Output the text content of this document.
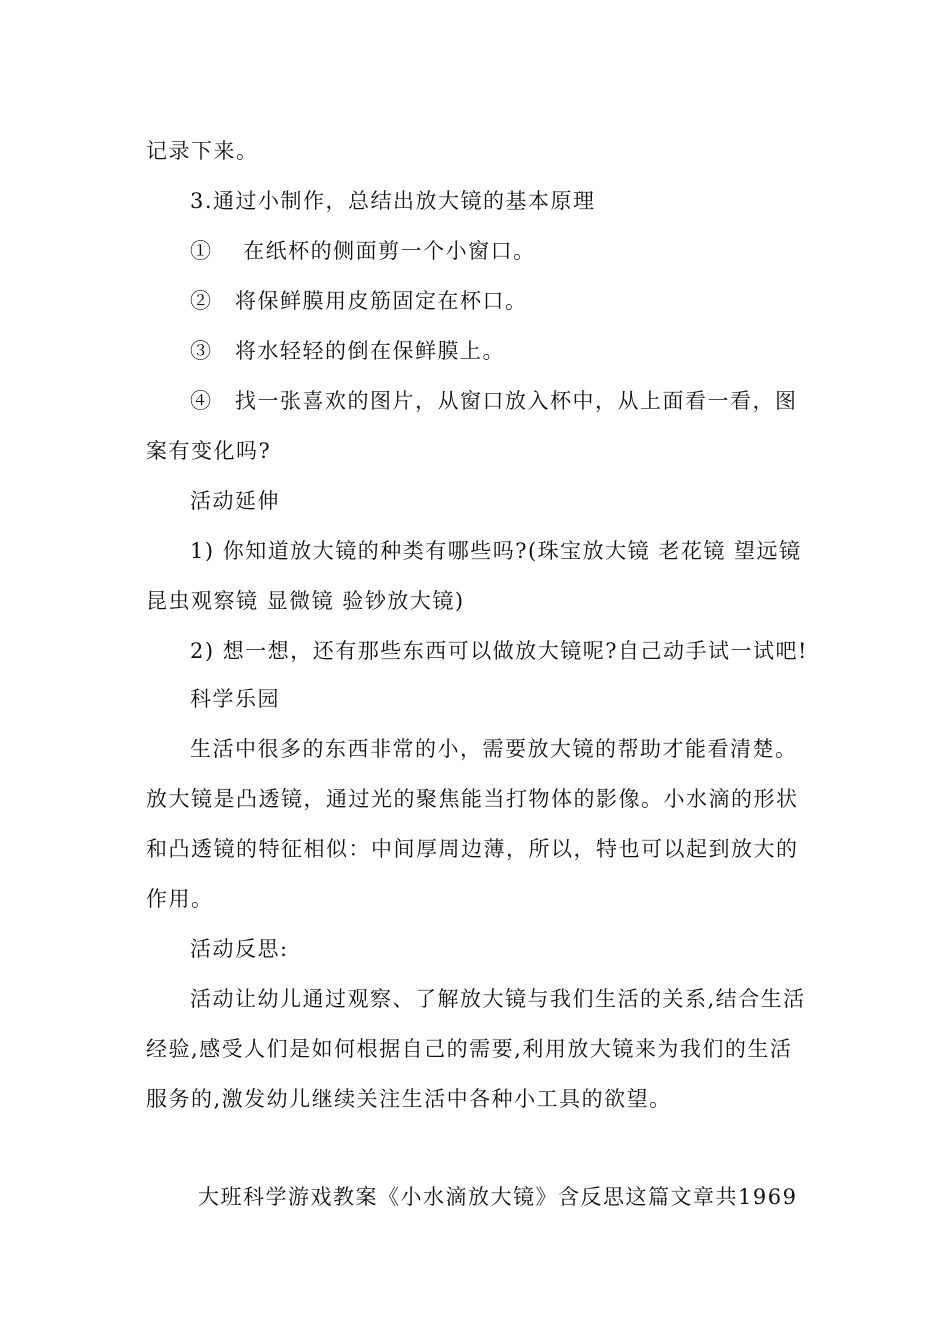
记录下来。
3.通过小制作，总结出放大镜的基本原理
①　 在纸杯的侧面剪一个小窗口。
②　将保鲜膜用皮筋固定在杯口。
③　将水轻轻的倒在保鲜膜上。
④　找一张喜欢的图片，从窗口放入杯中，从上面看一看，图
案有变化吗?
活动延伸
1) 你知道放大镜的种类有哪些吗?(珠宝放大镜 老花镜 望远镜
昆虫观察镜 显微镜 验钞放大镜)
2) 想一想，还有那些东西可以做放大镜呢?自己动手试一试吧!
科学乐园
生活中很多的东西非常的小，需要放大镜的帮助才能看清楚。
放大镜是凸透镜，通过光的聚焦能当打物体的影像。小水滴的形状
和凸透镜的特征相似：中间厚周边薄，所以，特也可以起到放大的
作用。
活动反思:
活动让幼儿通过观察、了解放大镜与我们生活的关系,结合生活
经验,感受人们是如何根据自己的需要,利用放大镜来为我们的生活
服务的,激发幼儿继续关注生活中各种小工具的欲望。
大班科学游戏教案《小水滴放大镜》含反思这篇文章共1969
